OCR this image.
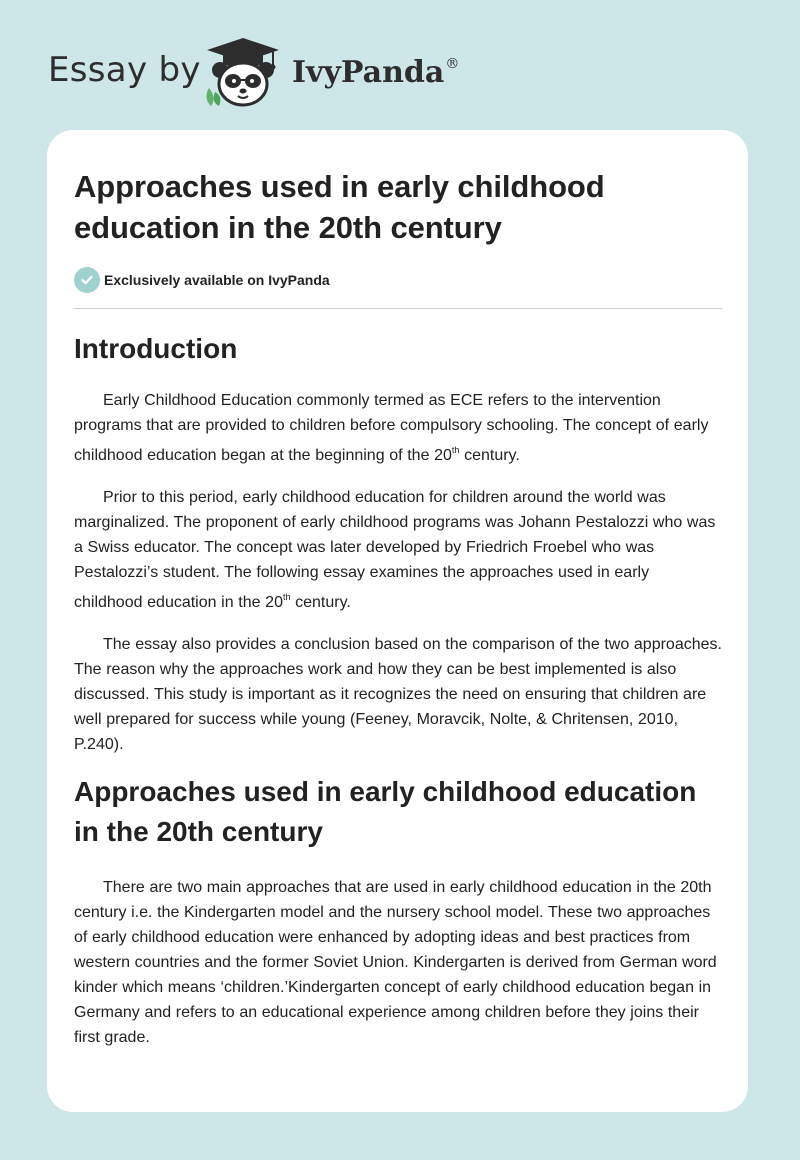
Essay by	IvyPanda®
Approaches used in early childhood education in the 20th century
Exclusively available on IvyPanda
Introduction

Early Childhood Education commonly termed as ECE refers to the intervention programs that are provided to children before compulsory schooling. The concept of early childhood education began at the beginning of the 20th century.

Prior to this period, early childhood education for children around the world was marginalized. The proponent of early childhood programs was Johann Pestalozzi who was a Swiss educator. The concept was later developed by Friedrich Froebel who was Pestalozzi’s student. The following essay examines the approaches used in early childhood education in the 20th century.

The essay also provides a conclusion based on the comparison of the two approaches. The reason why the approaches work and how they can be best implemented is also discussed. This study is important as it recognizes the need on ensuring that children are well prepared for success while young (Feeney, Moravcik, Nolte, & Chritensen, 2010, P.240).

Approaches used in early childhood education in the 20th century

There are two main approaches that are used in early childhood education in the 20th century i.e. the Kindergarten model and the nursery school model. These two approaches of early childhood education were enhanced by adopting ideas and best practices from western countries and the former Soviet Union. Kindergarten is derived from German word kinder which means ‘children.’Kindergarten concept of early childhood education began in Germany and refers to an educational experience among children before they joins their first grade.
